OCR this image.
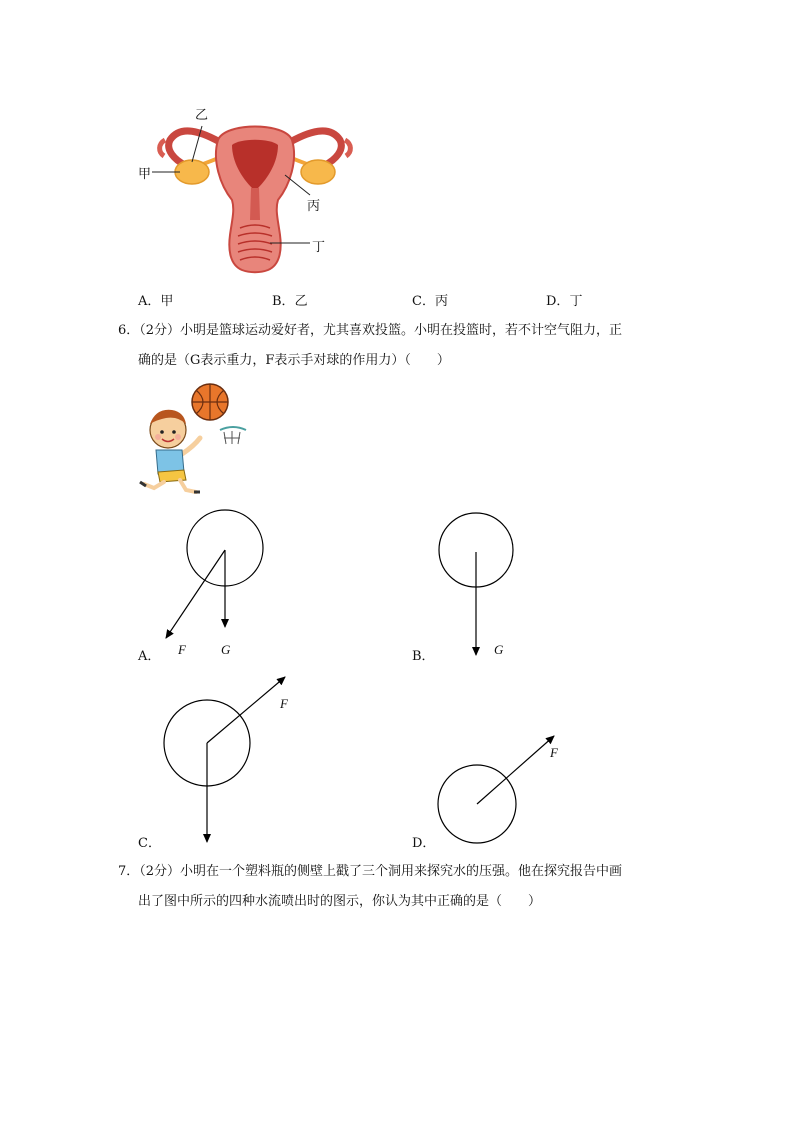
乙
甲
丙
丁
A．甲	B．乙	C．丙	D．丁
6．（2分）小明是篮球运动爱好者，尤其喜欢投篮。小明在投篮时，若不计空气阻力，正
确的是（G表示重力，F表示手对球的作用力）（　　）
A． F	G	B．	G
C．
F
D．
F
7．（2分）小明在一个塑料瓶的侧壁上戳了三个洞用来探究水的压强。他在探究报告中画
出了图中所示的四种水流喷出时的图示，你认为其中正确的是（　　）
